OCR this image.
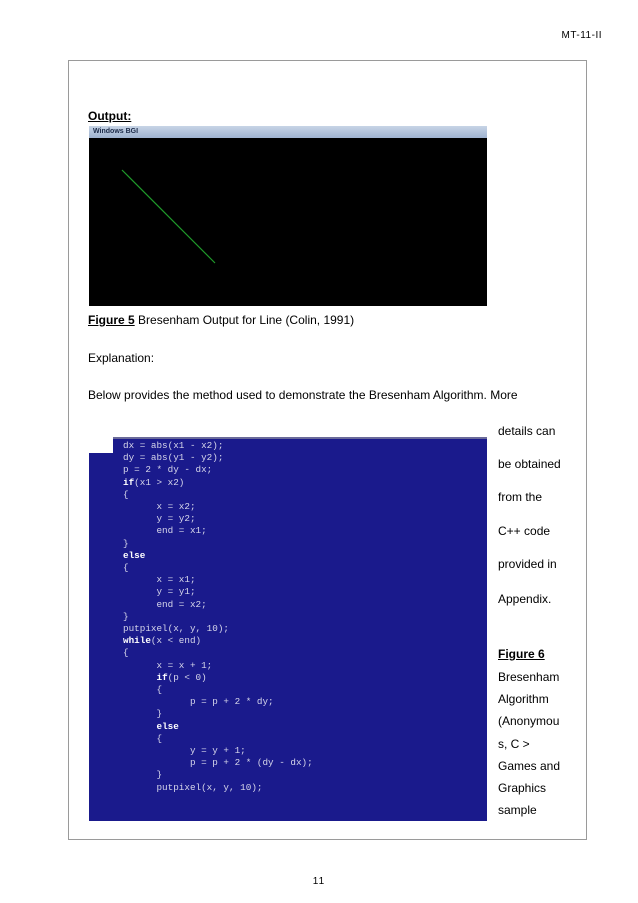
MT-11-II
Output:
Windows BGI
Figure 5 Bresenham Output for Line (Colin, 1991)
Explanation:
Below provides the method used to demonstrate the Bresenham Algorithm. More
dx = abs(x1 - x2);
dy = abs(y1 - y2);
p = 2 * dy - dx;
if(x1 > x2)
{
x = x2;
y = y2;
end = x1;
}
else
{
x = x1;
y = y1;
end = x2;
}
putpixel(x, y, 10);
while(x < end)
{
x = x + 1;
if(p < 0)
{
p = p + 2 * dy;
}
else
{
y = y + 1;
p = p + 2 * (dy - dx);
}
putpixel(x, y, 10);

details can
be obtained
from the
C++ code
provided in
Appendix.
Figure 6
Bresenham
Algorithm
(Anonymou
s, C >
Games and
Graphics
sample
11
